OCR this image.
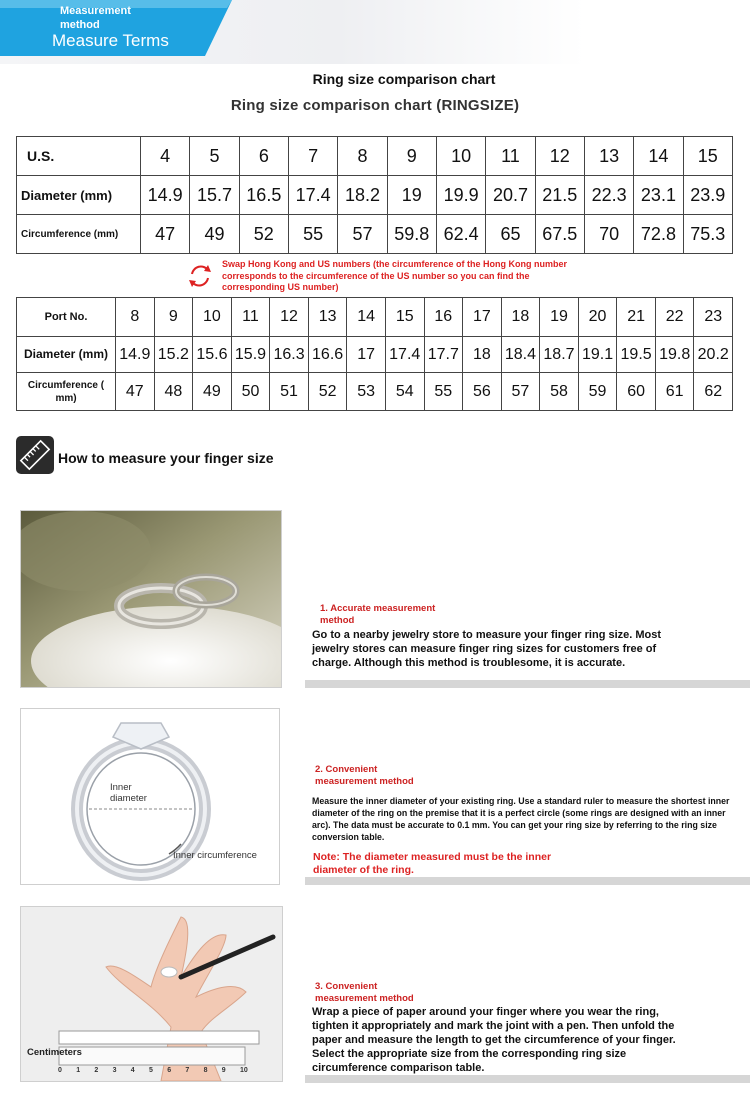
Measurement method
Measure Terms
Ring size comparison chart
Ring size comparison chart (RINGSIZE)
U.S.	4	5	6	7	8	9	10	11	12	13	14	15
Diameter (mm)	14.9	15.7	16.5	17.4	18.2	19	19.9	20.7	21.5	22.3	23.1	23.9
Circumference (mm)	47	49	52	55	57	59.8	62.4	65	67.5	70	72.8	75.3
Swap Hong Kong and US numbers (the circumference of the Hong Kong number corresponds to the circumference of the US number so you can find the corresponding US number)
Port No.	8	9	10	11	12	13	14	15	16	17	18	19	20	21	22	23
Diameter (mm)	14.9	15.2	15.6	15.9	16.3	16.6	17	17.4	17.7	18	18.4	18.7	19.1	19.5	19.8	20.2
Circumference ( mm)	47	48	49	50	51	52	53	54	55	56	57	58	59	60	61	62
How to measure your finger size
1. Accurate measurement method
Go to a nearby jewelry store to measure your finger ring size. Most jewelry stores can measure finger ring sizes for customers free of charge. Although this method is troublesome, it is accurate.
Inner diameter
Inner circumference
2. Convenient measurement method
Measure the inner diameter of your existing ring. Use a standard ruler to measure the shortest inner diameter of the ring on the premise that it is a perfect circle (some rings are designed with an inner arc). The data must be accurate to 0.1 mm. You can get your ring size by referring to the ring size conversion table.
Note: The diameter measured must be the inner diameter of the ring.
Centimeters
0 1 2 3 4 5 6 7 8 9 10
3. Convenient measurement method
Wrap a piece of paper around your finger where you wear the ring, tighten it appropriately and mark the joint with a pen. Then unfold the paper and measure the length to get the circumference of your finger. Select the appropriate size from the corresponding ring size circumference comparison table.
